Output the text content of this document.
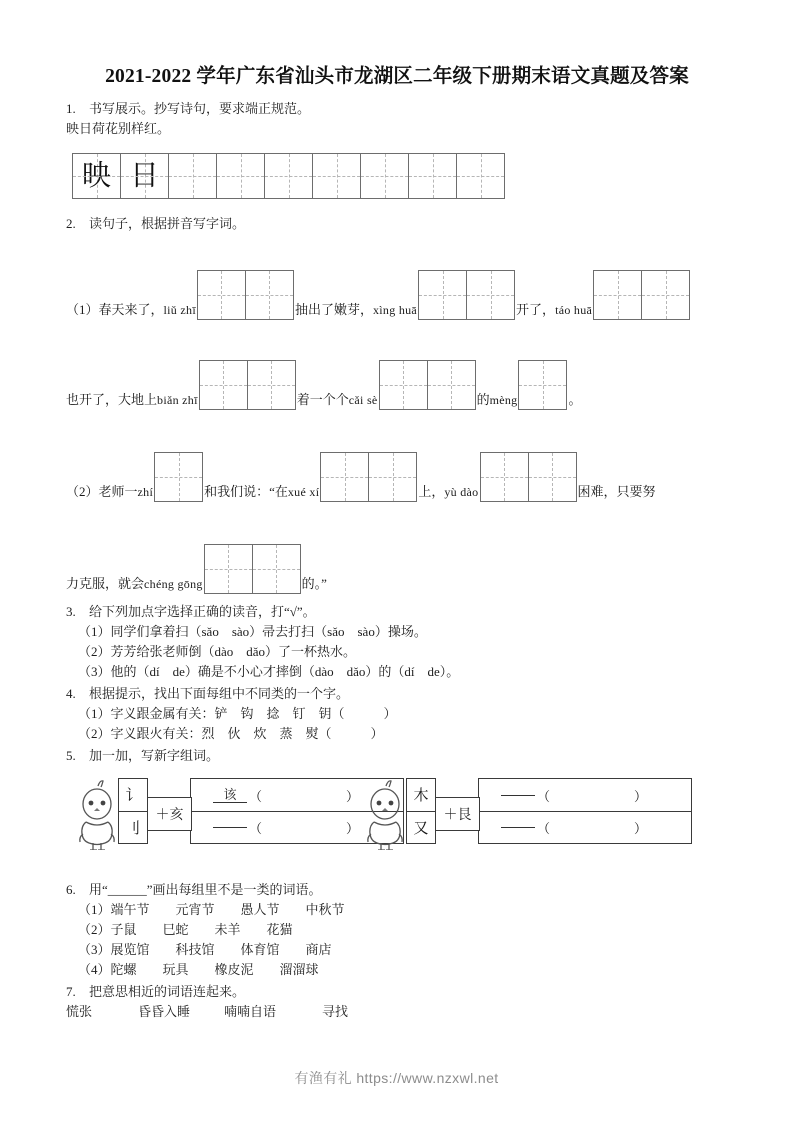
2021-2022 学年广东省汕头市龙湖区二年级下册期末语文真题及答案
1. 书写展示。抄写诗句，要求端正规范。
映日荷花别样红。
映
日

2. 读句子，根据拼音写字词。
（1）春天来了，liǔ zhī	抽出了嫩芽，xìng huā	开了，táo huā
也开了，大地上biǎn zhī	着一个个cǎi sè	的mèng	。
（2）老师一zhí	和我们说：“在xué xí	上，yù dào	困难，只要努
力克服，就会chéng gōng	的。”
3. 给下列加点字选择正确的读音，打“√”。
（1）同学们拿着扫（sǎo　sào）帚去打扫（sǎo　sào）操场。
（2）芳芳给张老师倒（dào　dǎo）了一杯热水。
（3）他的（dí　de）确是不小心才摔倒（dào　dǎo）的（dí　de）。
4. 根据提示，找出下面每组中不同类的一个字。
（1）字义跟金属有关：铲　钩　捻　钉　钥（　　　）
（2）字义跟火有关：烈　伙　炊　蒸　熨（　　　）
5. 加一加，写新字组词。
讠
刂
＋亥
该 （	）
（	）
木
又
＋艮
（	）
（	）
6. 用“______”画出每组里不是一类的词语。
（1）端午节　　元宵节　　愚人节　　中秋节
（2）子鼠　　巳蛇　　未羊　　花猫
（3）展览馆　　科技馆　　体育馆　　商店
（4）陀螺　　玩具　　橡皮泥　　溜溜球
7. 把意思相近的词语连起来。
慌张	昏昏入睡	喃喃自语	寻找
有渔有礼 https://www.nzxwl.net
